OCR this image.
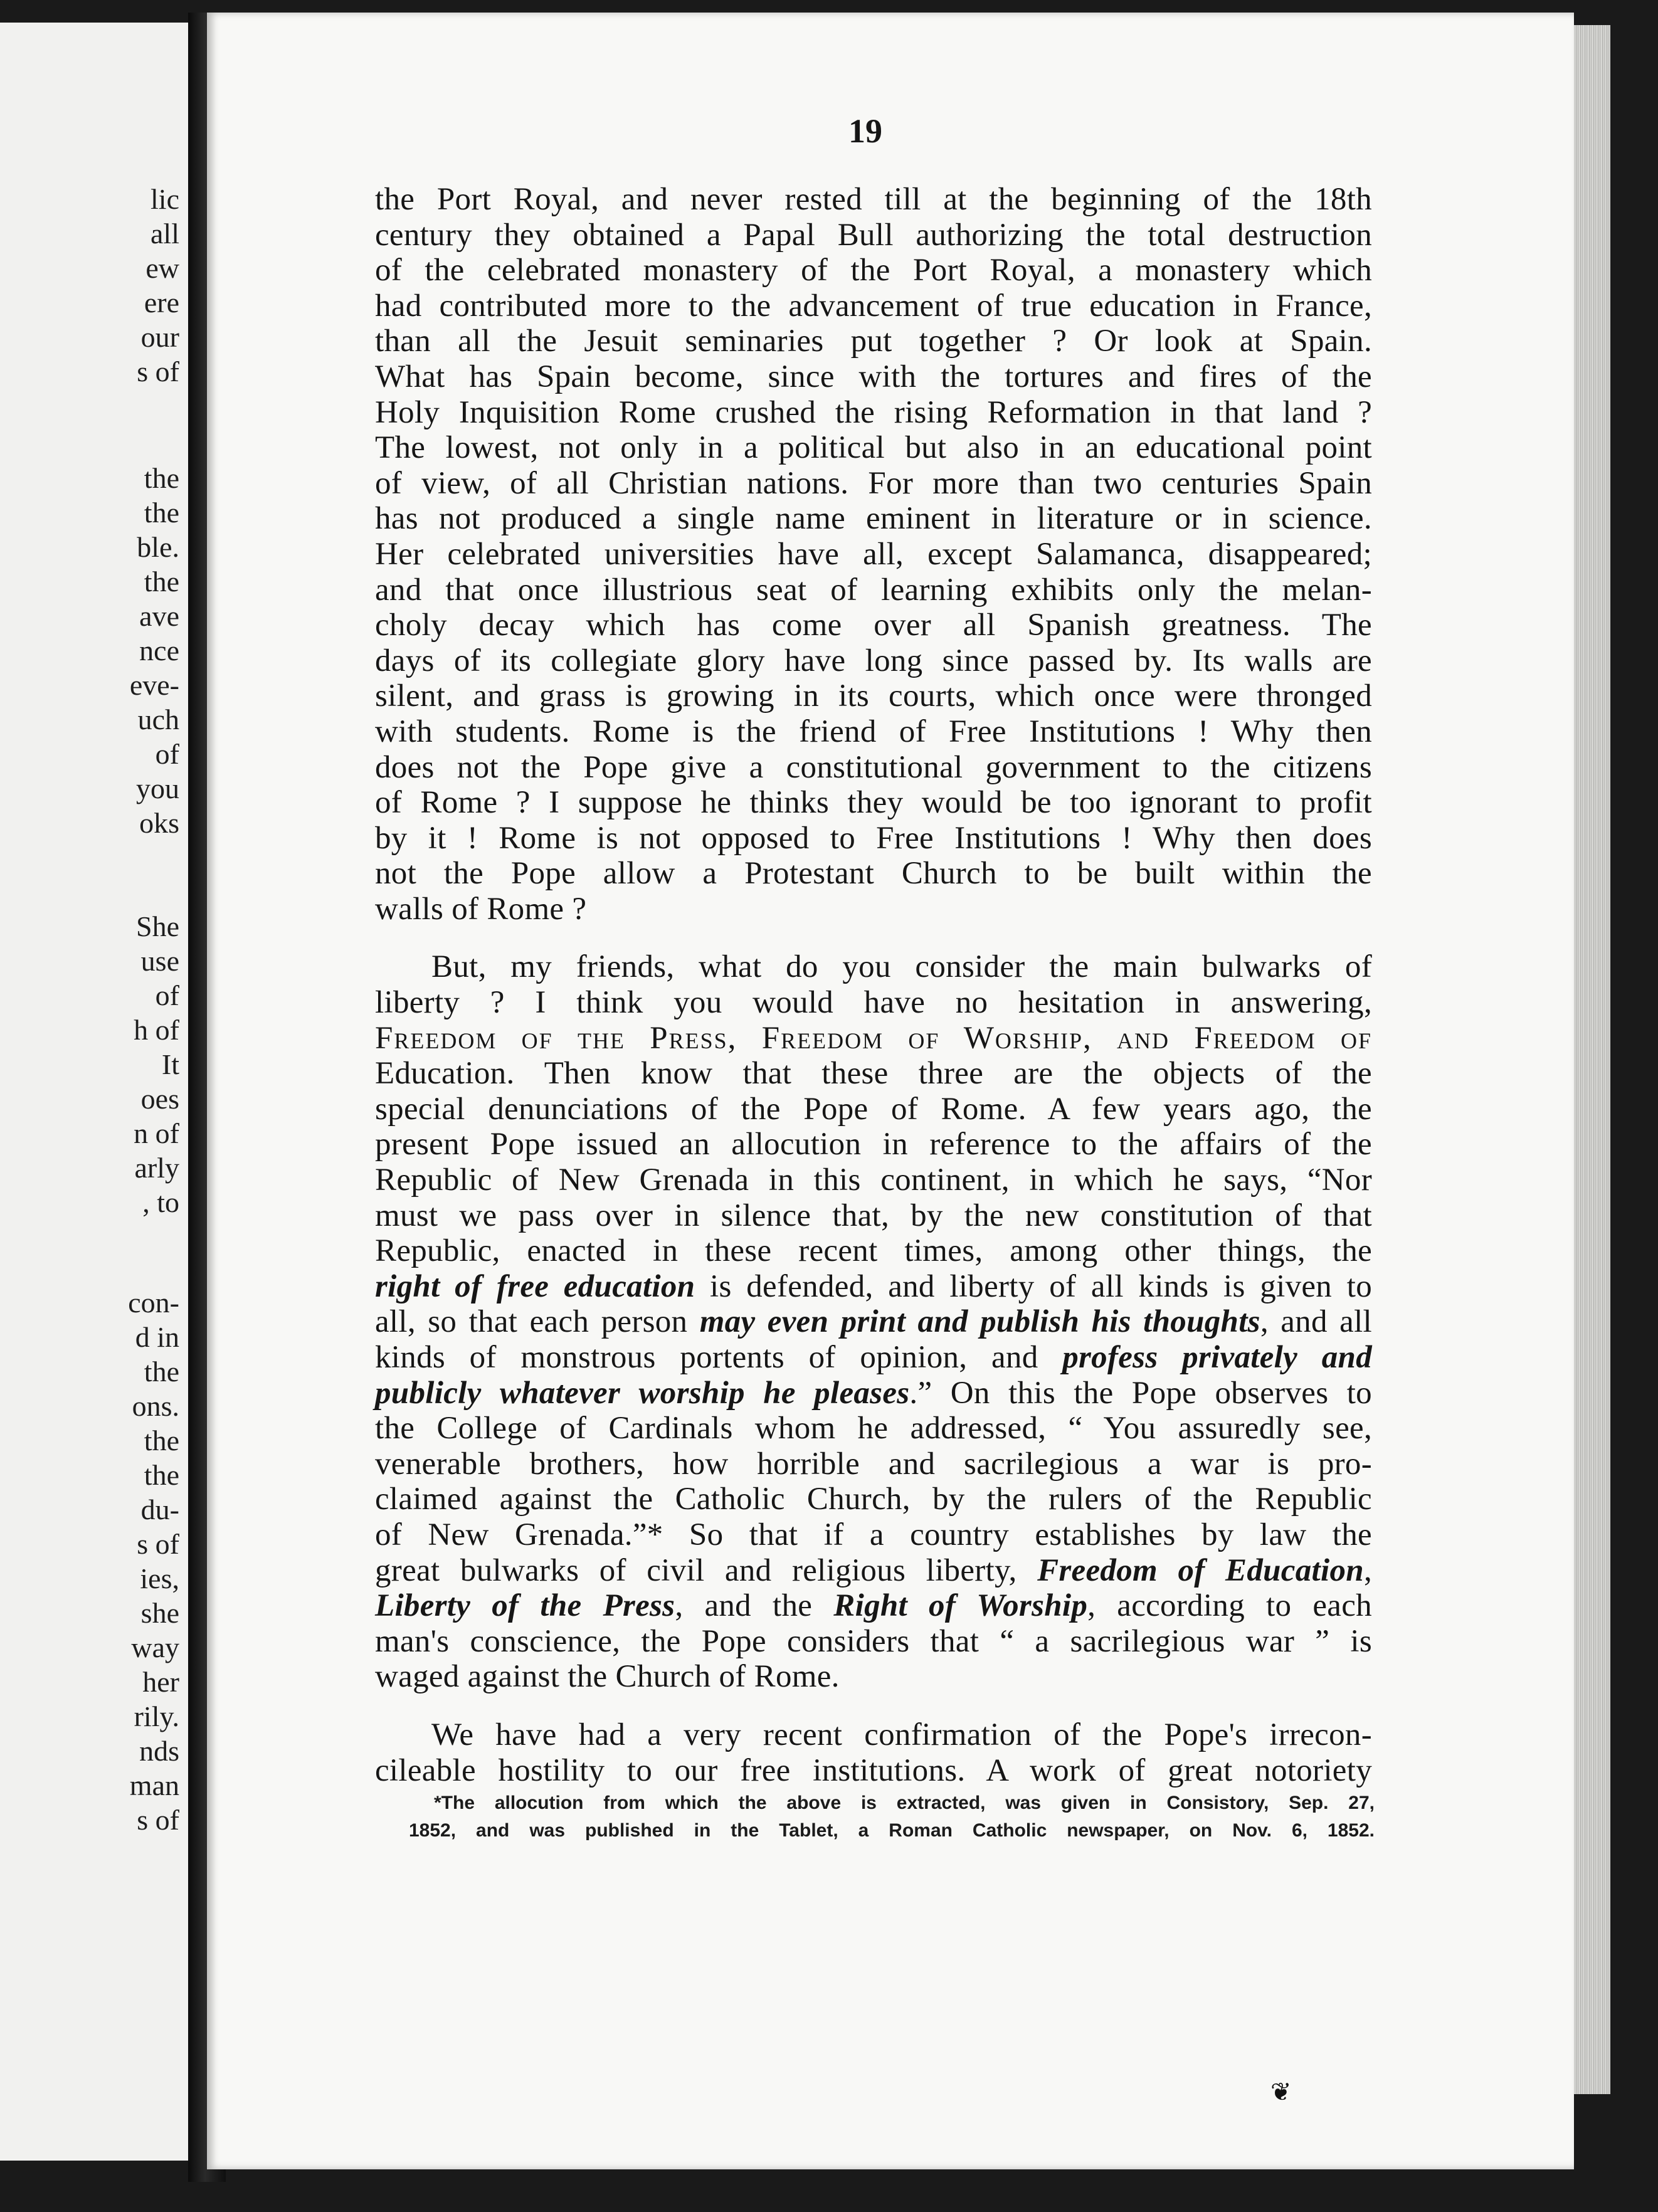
lic
all
ew
ere
our
s of
the
the
ble.
the
ave
nce
eve-
uch
of
you
oks
She
use
of
h of
It
oes
n of
arly
, to
con-
d in
the
ons.
the
the
du-
s of
ies,
she
way
her
rily.
nds
man
s of
19
the Port Royal, and never rested till at the beginning of the 18th
century they obtained a Papal Bull authorizing the total destruction
of the celebrated monastery of the Port Royal, a monastery which
had contributed more to the advancement of true education in France,
than all the Jesuit seminaries put together ? Or look at Spain.
What has Spain become, since with the tortures and fires of the
Holy Inquisition Rome crushed the rising Reformation in that land ?
The lowest, not only in a political but also in an educational point
of view, of all Christian nations. For more than two centuries Spain
has not produced a single name eminent in literature or in science.
Her celebrated universities have all, except Salamanca, disappeared;
and that once illustrious seat of learning exhibits only the melan-
choly decay which has come over all Spanish greatness. The
days of its collegiate glory have long since passed by. Its walls are
silent, and grass is growing in its courts, which once were thronged
with students. Rome is the friend of Free Institutions ! Why then
does not the Pope give a constitutional government to the citizens
of Rome ? I suppose he thinks they would be too ignorant to profit
by it ! Rome is not opposed to Free Institutions ! Why then does
not the Pope allow a Protestant Church to be built within the
walls of Rome ?
But, my friends, what do you consider the main bulwarks of
liberty ? I think you would have no hesitation in answering,
Freedom of the Press, Freedom of Worship, and Freedom of
Education. Then know that these three are the objects of the
special denunciations of the Pope of Rome. A few years ago, the
present Pope issued an allocution in reference to the affairs of the
Republic of New Grenada in this continent, in which he says, “Nor
must we pass over in silence that, by the new constitution of that
Republic, enacted in these recent times, among other things, the
right of free education is defended, and liberty of all kinds is given to
all, so that each person may even print and publish his thoughts, and all
kinds of monstrous portents of opinion, and profess privately and
publicly whatever worship he pleases.” On this the Pope observes to
the College of Cardinals whom he addressed, “ You assuredly see,
venerable brothers, how horrible and sacrilegious a war is pro-
claimed against the Catholic Church, by the rulers of the Republic
of New Grenada.”* So that if a country establishes by law the
great bulwarks of civil and religious liberty, Freedom of Education,
Liberty of the Press, and the Right of Worship, according to each
man's conscience, the Pope considers that “ a sacrilegious war ” is
waged against the Church of Rome.
We have had a very recent confirmation of the Pope's irrecon-
cileable hostility to our free institutions. A work of great notoriety
*The allocution from which the above is extracted, was given in Consistory, Sep. 27,
1852, and was published in the Tablet, a Roman Catholic newspaper, on Nov. 6, 1852.
❦
